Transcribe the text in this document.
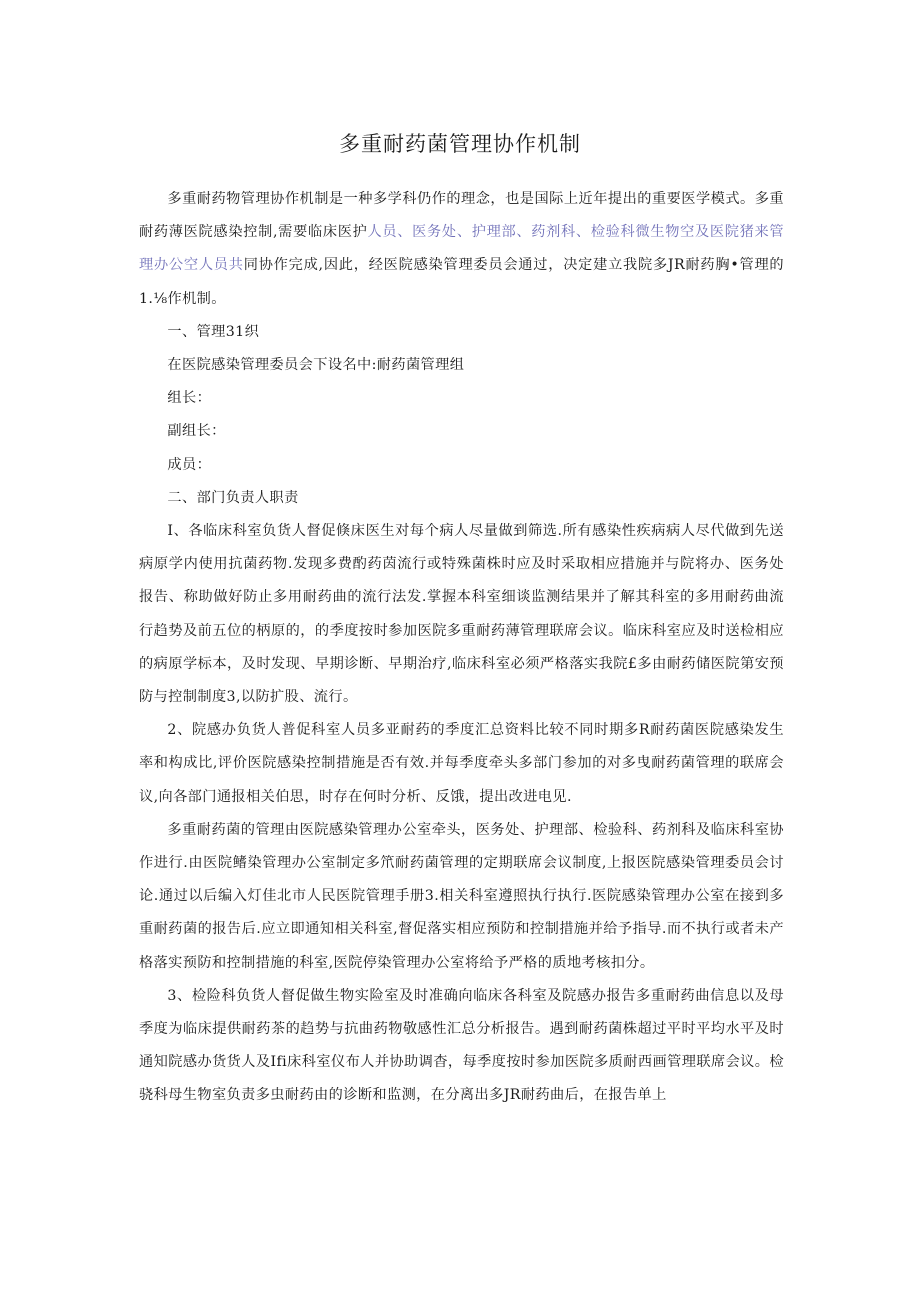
多重耐药菌管理协作机制

多重耐药物管理协作机制是一种多学科仍作的理念，也是国际上近年提出的重要医学模式。多重耐药薄医院感染控制,需要临床医护人员、医务处、护理部、药剂科、检验科微生物空及医院猪来管理办公空人员共同协作完成,因此，经医院感染管理委员会通过，决定建立我院多JR耐药胸•管理的1.⅛作机制。

一、管理31织

在医院感染管理委员会下设名中:耐药菌管理组

组长：

副组长：

成员：

二、部门负责人职责

I、各临床科室负货人督促倏床医生对每个病人尽量做到筛选.所有感染性疾病病人尽代做到先送病原学内使用抗菌药物.发现多费酌药茵流行或特殊菌株时应及时采取相应措施并与院将办、医务处报告、称助做好防止多用耐药曲的流行法发.掌握本科室细谈监测结果并了解其科室的多用耐药曲流行趋势及前五位的柄原的，的季度按时参加医院多重耐药薄管理联席会议。临床科室应及时送检相应的病原学标本，及时发现、早期诊断、早期治疗,临床科室必须严格落实我院£多由耐药储医院第安预防与控制制度3,以防扩股、流行。

2、院感办负货人普促科室人员多亚耐药的季度汇总资料比较不同时期多R耐药菌医院感染发生率和构成比,评价医院感染控制措施是否有效.并每季度牵头多部门参加的对多曳耐药菌管理的联席会议,向各部门通报相关伯思，时存在何时分析、反饿，提出改进电见.

多重耐药菌的管理由医院感染管理办公室牵头，医务处、护理部、检验科、药剂科及临床科室协作进行.由医院鳍染管理办公室制定多笊耐药菌管理的定期联席会议制度,上报医院感染管理委员会讨论.通过以后编入灯佳北市人民医院管理手册3.相关科室遵照执行执行.医院感染管理办公室在接到多重耐药菌的报告后.应立即通知相关科室,督促落实相应预防和控制措施并给予指导.而不执行或者未产格落实预防和控制措施的科室,医院停染管理办公室将给予严格的质地考核扣分。

3、检险科负货人督促做生物实险室及时准确向临床各科室及院感办报告多重耐药曲信息以及母季度为临床提供耐药茶的趋势与抗曲药物敬感性汇总分析报告。遇到耐药菌株超过平时平均水平及时通知院感办货货人及Ifi床科室仪布人并协助调杳，每季度按时参加医院多质耐西画管理联席会议。检骁科母生物室负责多虫耐药由的诊断和监测，在分离出多JR耐药曲后，在报告单上
